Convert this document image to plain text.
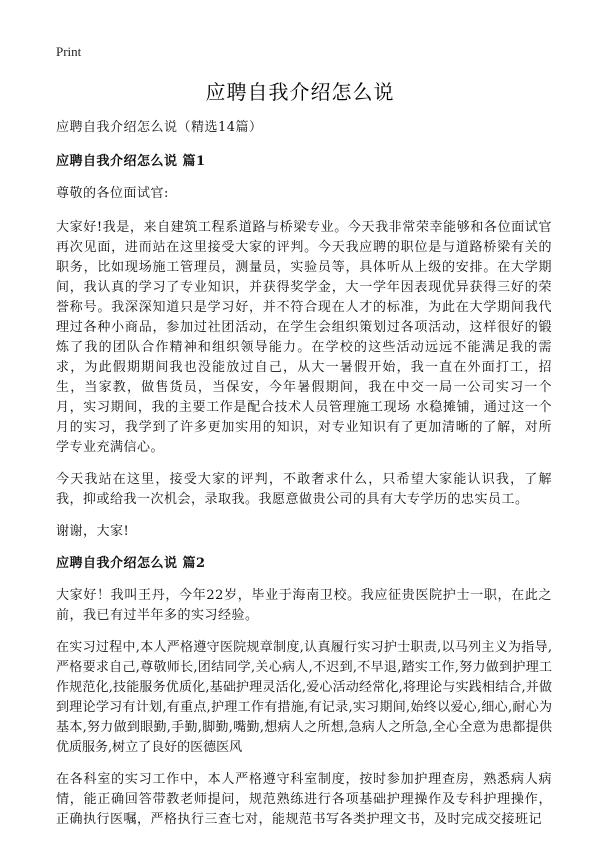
Print
应聘自我介绍怎么说

应聘自我介绍怎么说（精选14篇）

应聘自我介绍怎么说 篇1

尊敬的各位面试官:

大家好!我是，来自建筑工程系道路与桥梁专业。今天我非常荣幸能够和各位面试官再次见面，进而站在这里接受大家的评判。今天我应聘的职位是与道路桥梁有关的职务，比如现场施工管理员，测量员，实验员等，具体听从上级的安排。在大学期间，我认真的学习了专业知识，并获得奖学金，大一学年因表现优异获得三好的荣誉称号。我深深知道只是学习好，并不符合现在人才的标准，为此在大学期间我代理过各种小商品，参加过社团活动，在学生会组织策划过各项活动，这样很好的锻炼了我的团队合作精神和组织领导能力。在学校的这些活动远远不能满足我的需求，为此假期期间我也没能放过自己，从大一暑假开始，我一直在外面打工，招生，当家教，做售货员，当保安，今年暑假期间，我在中交一局一公司实习一个月，实习期间，我的主要工作是配合技术人员管理施工现场 水稳摊铺，通过这一个月的实习，我学到了许多更加实用的知识，对专业知识有了更加清晰的了解，对所学专业充满信心。

今天我站在这里，接受大家的评判，不敢奢求什么，只希望大家能认识我，了解我，抑或给我一次机会，录取我。我愿意做贵公司的具有大专学历的忠实员工。

谢谢，大家!

应聘自我介绍怎么说 篇2

大家好！我叫王丹，今年22岁，毕业于海南卫校。我应征贵医院护士一职，在此之前，我已有过半年多的实习经验。

在实习过程中,本人严格遵守医院规章制度,认真履行实习护士职责,以马列主义为指导,严格要求自己,尊敬师长,团结同学,关心病人,不迟到,不早退,踏实工作,努力做到护理工作规范化,技能服务优质化,基础护理灵活化,爱心活动经常化,将理论与实践相结合,并做到理论学习有计划,有重点,护理工作有措施,有记录,实习期间,始终以爱心,细心,耐心为基本,努力做到眼勤,手勤,脚勤,嘴勤,想病人之所想,急病人之所急,全心全意为患都提供优质服务,树立了良好的医德医风

在各科室的实习工作中，本人严格遵守科室制度，按时参加护理查房，熟悉病人病情，能正确回答带教老师提问，规范熟练进行各项基础护理操作及专科护理操作，正确执行医嘱，严格执行三查七对，能规范书写各类护理文书，及时完成交接班记
